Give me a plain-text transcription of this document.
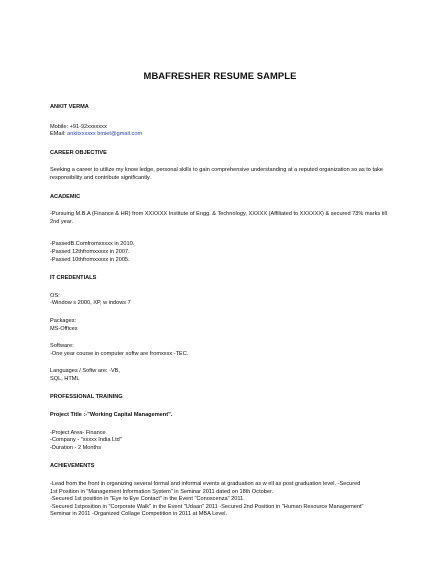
MBAFRESHER RESUME SAMPLE

ANKIT VERMA

Mobile: +91-92xxxxxxx

EMail: ankitxxxxxx bmiet@gmail.com

CAREER OBJECTIVE

Seeking a career to utilize my know ledge, personal skills to gain comprehensive understanding at a reputed organization so as to take responsibility and contribute significantly.

ACADEMIC

-Pursuing M.B.A (Finance & HR) from XXXXXX Institute of Engg. & Technology, XXXXX (Affiliated to XXXXXX) & secured 73% marks till 2nd year.

-PassedB.Comfromxxxxx in 2010.

-Passed 12thfromxxxxx in 2007.

-Passed 10thfromxxxxx in 2005.

IT CREDENTIALS

OS:

-Window s 2000, XP, w indows 7

Packages:

MS-Offices

Software:

-One year course in computer softw are fromxxxx -TEC.

Languages / Softw are: -VB,

SQL, HTML

PROFESSIONAL TRAINING

Project Title :-"Working Capital Management".

-Project Area- Finance

-Company - "xxxxx India Ltd"

-Duration - 2 Months

ACHIEVEMENTS

-Lead from the front in organizing several formal and informal events at graduation as w ell as post graduation level. -Secured

1st Position in "Management Information System" in Seminar 2011 dated on 18th October.

-Secured 1st position in "Eye to Eye Contact" in the Event "Conoscenza" 2011.

-Secured 1stposition in "Corporate Walk" in the Event "Udaan" 2011 -Secured 2nd Position in "Human Resource Management"

Seminar in 2011 -Organized Collage Competition in 2011 at MBA Level.
